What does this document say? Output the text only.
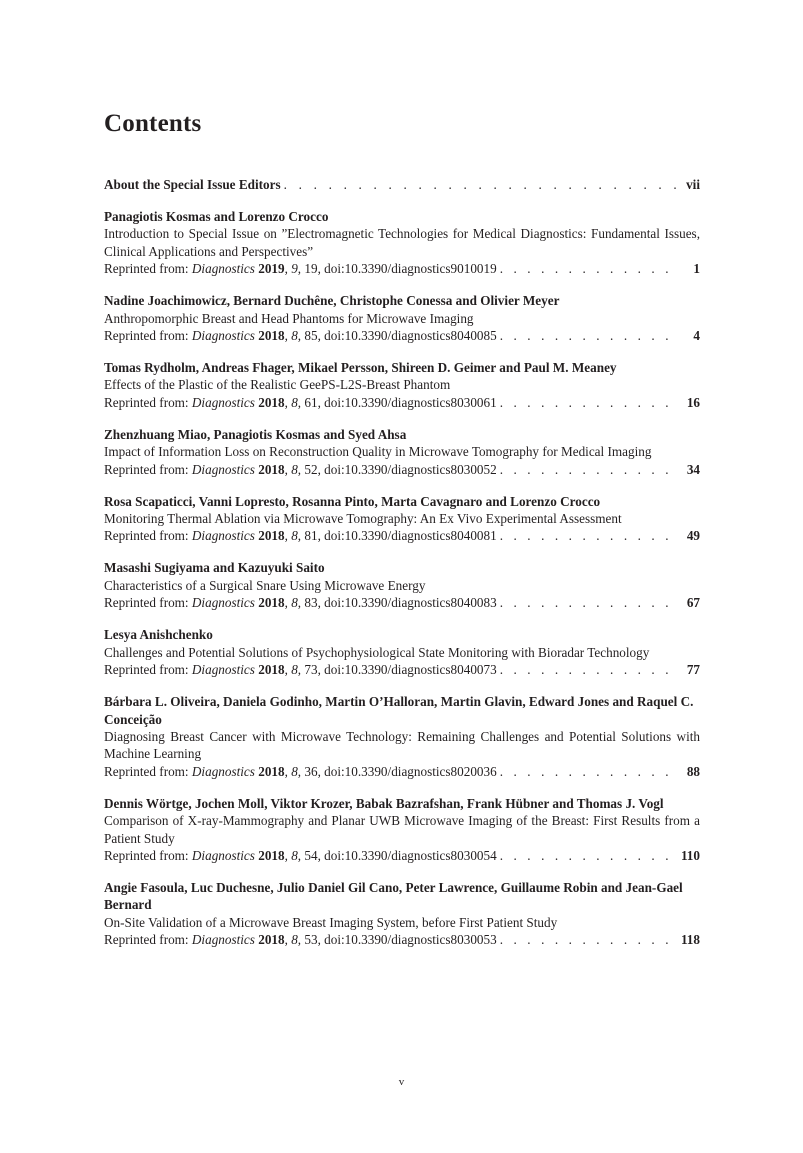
Contents
About the Special Issue Editors . . .	vii
Panagiotis Kosmas and Lorenzo Crocco
Introduction to Special Issue on ”Electromagnetic Technologies for Medical Diagnostics: Fundamental Issues, Clinical Applications and Perspectives”
Reprinted from:
Diagnostics
2019 , 9 , 19, doi:10.3390/diagnostics9010019 . . .	1
Nadine Joachimowicz, Bernard Duchêne, Christophe Conessa and Olivier Meyer
Anthropomorphic Breast and Head Phantoms for Microwave Imaging
Reprinted from:
Diagnostics
2018 , 8 , 85, doi:10.3390/diagnostics8040085 . . .	4
Tomas Rydholm, Andreas Fhager, Mikael Persson, Shireen D. Geimer and Paul M. Meaney
Effects of the Plastic of the Realistic GeePS-L2S-Breast Phantom
Reprinted from:
Diagnostics
2018 , 8 , 61, doi:10.3390/diagnostics8030061 . . .	16
Zhenzhuang Miao, Panagiotis Kosmas and Syed Ahsa
Impact of Information Loss on Reconstruction Quality in Microwave Tomography for Medical Imaging
Reprinted from:
Diagnostics
2018 , 8 , 52, doi:10.3390/diagnostics8030052 . . .	34
Rosa Scapaticci, Vanni Lopresto, Rosanna Pinto, Marta Cavagnaro and Lorenzo Crocco
Monitoring Thermal Ablation via Microwave Tomography: An Ex Vivo Experimental Assessment
Reprinted from:
Diagnostics
2018 , 8 , 81, doi:10.3390/diagnostics8040081 . . .	49
Masashi Sugiyama and Kazuyuki Saito
Characteristics of a Surgical Snare Using Microwave Energy
Reprinted from:
Diagnostics
2018 , 8 , 83, doi:10.3390/diagnostics8040083 . . .	67
Lesya Anishchenko
Challenges and Potential Solutions of Psychophysiological State Monitoring with Bioradar Technology
Reprinted from:
Diagnostics
2018 , 8 , 73, doi:10.3390/diagnostics8040073 . . .	77
Bárbara L. Oliveira, Daniela Godinho, Martin O’Halloran, Martin Glavin, Edward Jones and Raquel C. Conceição
Diagnosing Breast Cancer with Microwave Technology: Remaining Challenges and Potential Solutions with Machine Learning
Reprinted from:
Diagnostics
2018 , 8 , 36, doi:10.3390/diagnostics8020036 . . .	88
Dennis Wörtge, Jochen Moll, Viktor Krozer, Babak Bazrafshan, Frank Hübner and Thomas J. Vogl
Comparison of X-ray-Mammography and Planar UWB Microwave Imaging of the Breast: First Results from a Patient Study
Reprinted from:
Diagnostics
2018 , 8 , 54, doi:10.3390/diagnostics8030054 . . .	110
Angie Fasoula, Luc Duchesne, Julio Daniel Gil Cano, Peter Lawrence, Guillaume Robin and Jean-Gael Bernard
On-Site Validation of a Microwave Breast Imaging System, before First Patient Study
Reprinted from:
Diagnostics
2018 , 8 , 53, doi:10.3390/diagnostics8030053 . . .	118
v
